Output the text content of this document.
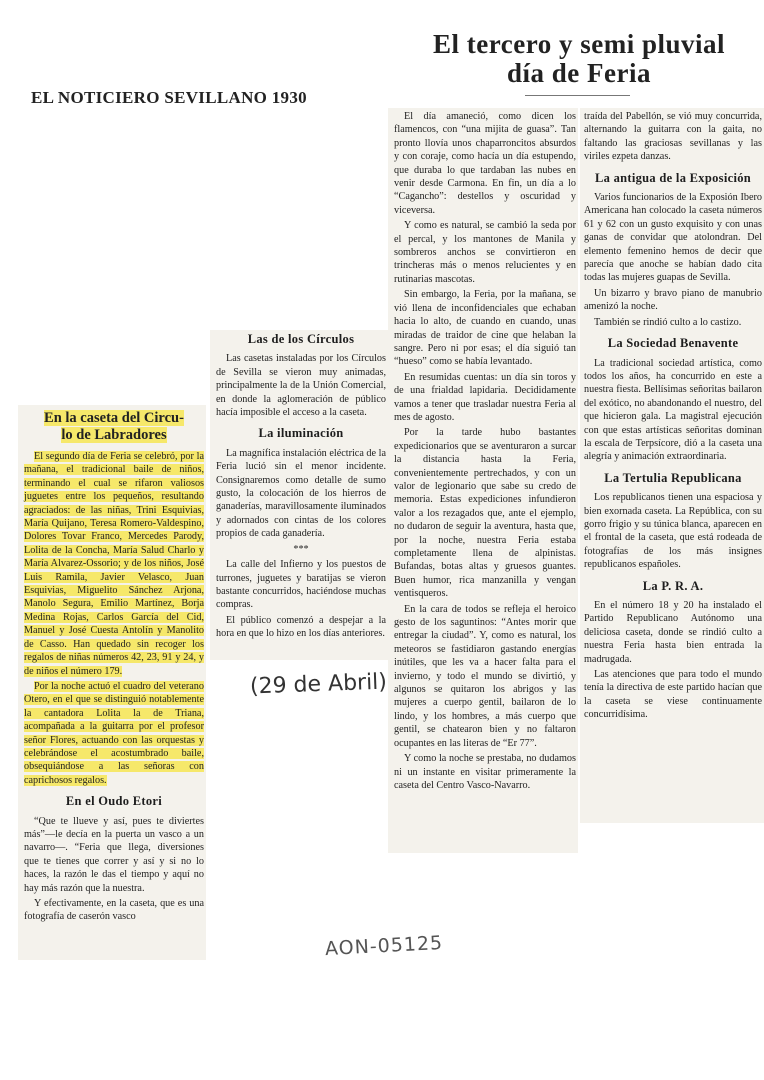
EL NOTICIERO SEVILLANO 1930
En la caseta del Circu-
lo de Labradores

El segundo día de Feria se celebró, por la mañana, el tradicional baile de niños, terminando el cual se rifaron valiosos juguetes entre los pequeños, resultando agraciados: de las niñas, Trini Esquivias, María Quijano, Teresa Romero-Valdespino, Dolores Tovar Franco, Mercedes Parody, Lolita de la Concha, María Salud Charlo y María Alvarez-Ossorio; y de los niños, José Luis Ramila, Javier Velasco, Juan Esquivias, Miguelito Sánchez Arjona, Manolo Segura, Emilio Martínez, Borja Medina Rojas, Carlos García del Cid, Manuel y José Cuesta Antolín y Manolito de Casso. Han quedado sin recoger los regalos de niñas números 42, 23, 91 y 24, y de niños el número 179.

Por la noche actuó el cuadro del veterano Otero, en el que se distinguió notablemente la cantadora Lolita la de Triana, acompañada a la guitarra por el profesor señor Flores, actuando con las orquestas y celebrándose el acostumbrado baile, obsequiándose a las señoras con caprichosos regalos.

En el Oudo Etori

“Que te llueve y así, pues te diviertes más”—le decía en la puerta un vasco a un navarro—. “Feria que llega, diversiones que te tienes que correr y así y si no lo haces, la razón le das el tiempo y aquí no hay más razón que la nuestra.

Y efectivamente, en la caseta, que es una fotografía de caserón vasco

Las de los Círculos

Las casetas instaladas por los Círculos de Sevilla se vieron muy animadas, principalmente la de la Unión Comercial, en donde la aglomeración de público hacía imposible el acceso a la caseta.

La iluminación

La magnífica instalación eléctrica de la Feria lució sin el menor incidente. Consignaremos como detalle de sumo gusto, la colocación de los hierros de ganaderías, maravillosamente iluminados y adornados con cintas de los colores propios de cada ganadería.

***

La calle del Infierno y los puestos de turrones, juguetes y baratijas se vieron bastante concurridos, haciéndose muchas compras.

El público comenzó a despejar a la hora en que lo hizo en los días anteriores.

El tercero y semi pluvial
día de Feria

El día amaneció, como dicen los flamencos, con “una mijita de guasa”. Tan pronto llovía unos chaparroncitos absurdos y con coraje, como hacía un día estupendo, que duraba lo que tardaban las nubes en venir desde Carmona. En fin, un día a lo “Cagancho”: destellos y oscuridad y viceversa.

Y como es natural, se cambió la seda por el percal, y los mantones de Manila y sombreros anchos se convirtieron en trincheras más o menos relucientes y en rutinarias mascotas.

Sin embargo, la Feria, por la mañana, se vió llena de inconfidenciales que echaban hacia lo alto, de cuando en cuando, unas miradas de traidor de cine que helaban la sangre. Pero ni por esas; el día siguió tan “hueso” como se había levantado.

En resumidas cuentas: un día sin toros y de una frialdad lapidaria. Decididamente vamos a tener que trasladar nuestra Feria al mes de agosto.

Por la tarde hubo bastantes expedicionarios que se aventuraron a surcar la distancia hasta la Feria, convenientemente pertrechados, y con un valor de legionario que sabe su credo de memoria. Estas expediciones infundieron valor a los rezagados que, ante el ejemplo, no dudaron de seguir la aventura, hasta que, por la noche, nuestra Feria estaba completamente llena de alpinistas. Bufandas, botas altas y gruesos guantes. Buen humor, rica manzanilla y vengan ventisqueros.

En la cara de todos se refleja el heroico gesto de los saguntinos: “Antes morir que entregar la ciudad”. Y, como es natural, los meteoros se fastidiaron gastando energías inútiles, que les va a hacer falta para el invierno, y todo el mundo se divirtió, y algunos se quitaron los abrigos y las mujeres a cuerpo gentil, bailaron de lo lindo, y los hombres, a más cuerpo que gentil, se chatearon bien y no faltaron ocupantes en las literas de “Er 77”.

Y como la noche se prestaba, no dudamos ni un instante en visitar primeramente la caseta del Centro Vasco-Navarro.

traída del Pabellón, se vió muy concurrida, alternando la guitarra con la gaita, no faltando las graciosas sevillanas y las viriles ezpeta danzas.

La antigua de la Exposición

Varios funcionarios de la Exposión Ibero Americana han colocado la caseta números 61 y 62 con un gusto exquisito y con unas ganas de convidar que atolondran. Del elemento femenino hemos de decir que parecía que anoche se habían dado cita todas las mujeres guapas de Sevilla.

Un bizarro y bravo piano de manubrio amenizó la noche.

También se rindió culto a lo castizo.

La Sociedad Benavente

La tradicional sociedad artística, como todos los años, ha concurrido en este a nuestra fiesta. Bellísimas señoritas bailaron del exótico, no abandonando el nuestro, del que hicieron gala. La magistral ejecución con que estas artísticas señoritas dominan la escala de Terpsícore, dió a la caseta una alegría y animación extraordinaria.

La Tertulia Republicana

Los republicanos tienen una espaciosa y bien exornada caseta. La República, con su gorro frigio y su túnica blanca, aparecen en el frontal de la caseta, que está rodeada de fotografías de los más insignes republicanos españoles.

La P. R. A.

En el número 18 y 20 ha instalado el Partido Republicano Autónomo una deliciosa caseta, donde se rindió culto a nuestra Feria hasta bien entrada la madrugada.

Las atenciones que para todo el mundo tenía la directiva de este partido hacían que la caseta se viese continuamente concurridísima.

(29 de Abril)
AON-05125
